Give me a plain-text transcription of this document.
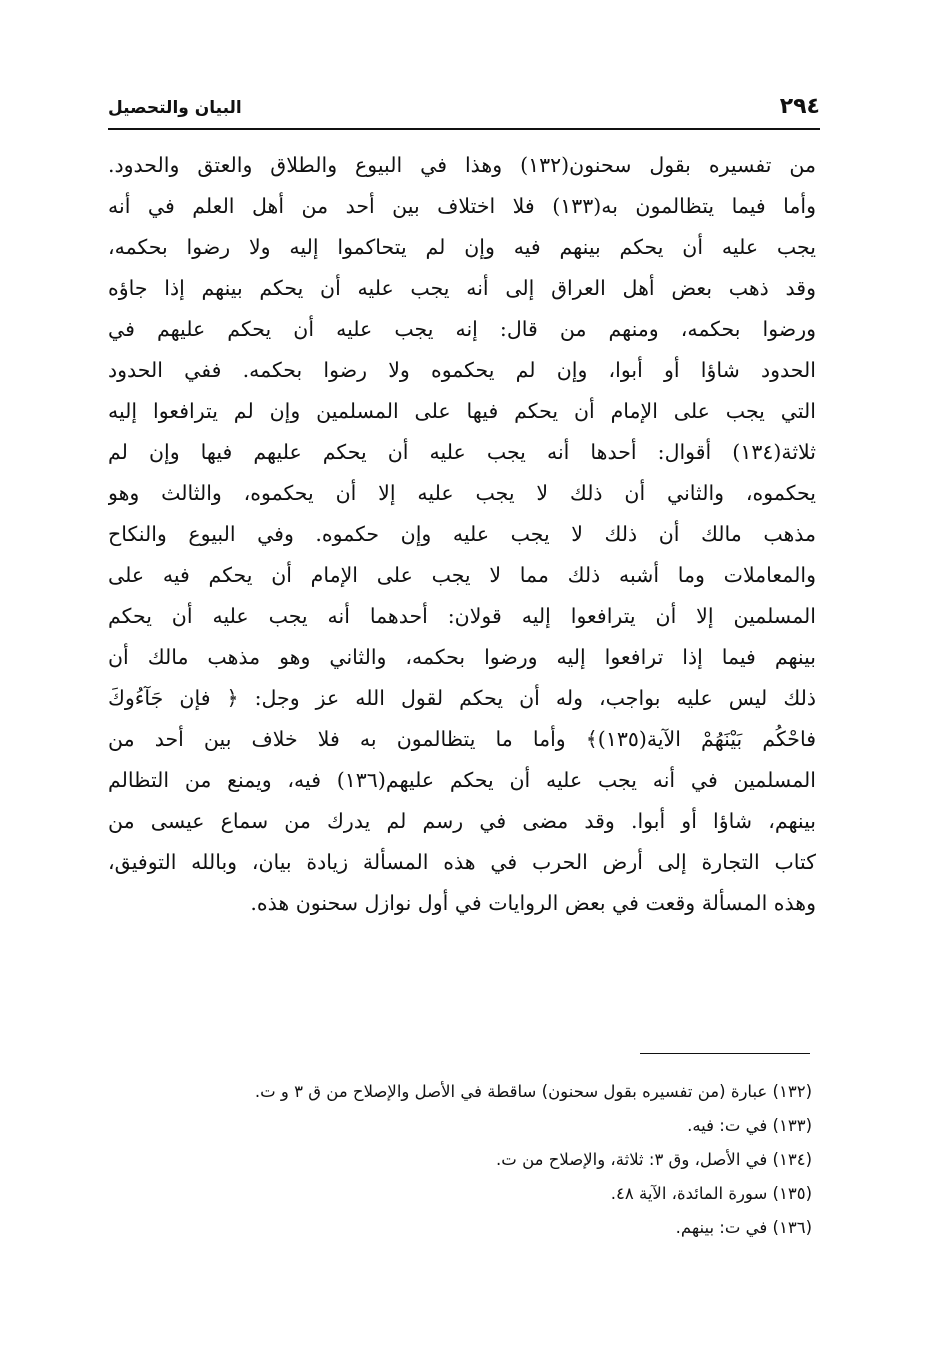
٢٩٤
البيان والتحصيل
من تفسيره بقول سحنون(١٣٢) وهذا في البيوع والطلاق والعتق والحدود.
وأما فيما يتظالمون به(١٣٣) فلا اختلاف بين أحد من أهل العلم في أنه
يجب عليه أن يحكم بينهم فيه وإن لم يتحاكموا إليه ولا رضوا بحكمه،
وقد ذهب بعض أهل العراق إلى أنه يجب عليه أن يحكم بينهم إذا جاؤه
ورضوا بحكمه، ومنهم من قال: إنه يجب عليه أن يحكم عليهم في
الحدود شاؤا أو أبوا، وإن لم يحكموه ولا رضوا بحكمه. ففي الحدود
التي يجب على الإمام أن يحكم فيها على المسلمين وإن لم يترافعوا إليه
ثلاثة(١٣٤) أقوال: أحدها أنه يجب عليه أن يحكم عليهم فيها وإن لم
يحكموه، والثاني أن ذلك لا يجب عليه إلا أن يحكموه، والثالث وهو
مذهب مالك أن ذلك لا يجب عليه وإن حكموه. وفي البيوع والنكاح
والمعاملات وما أشبه ذلك مما لا يجب على الإمام أن يحكم فيه على
المسلمين إلا أن يترافعوا إليه قولان: أحدهما أنه يجب عليه أن يحكم
بينهم فيما إذا ترافعوا إليه ورضوا بحكمه، والثاني وهو مذهب مالك أن
ذلك ليس عليه بواجب، وله أن يحكم لقول الله عز وجل: ﴿ فإن جَآءُوكَ
فاحْكُم بَيْنَهُمْ الآية(١٣٥)﴾ وأما ما يتظالمون به فلا خلاف بين أحد من
المسلمين في أنه يجب عليه أن يحكم عليهم(١٣٦) فيه، ويمنع من التظالم
بينهم، شاؤا أو أبوا. وقد مضى في رسم لم يدرك من سماع عيسى من
كتاب التجارة إلى أرض الحرب في هذه المسألة زيادة بيان، وبالله التوفيق،
وهذه المسألة وقعت في بعض الروايات في أول نوازل سحنون هذه.
(١٣٢) عبارة (من تفسيره بقول سحنون) ساقطة في الأصل والإصلاح من ق ٣ و ت.
(١٣٣) في ت: فيه.
(١٣٤) في الأصل، وق ٣: ثلاثة، والإصلاح من ت.
(١٣٥) سورة المائدة، الآية ٤٨.
(١٣٦) في ت: بينهم.
